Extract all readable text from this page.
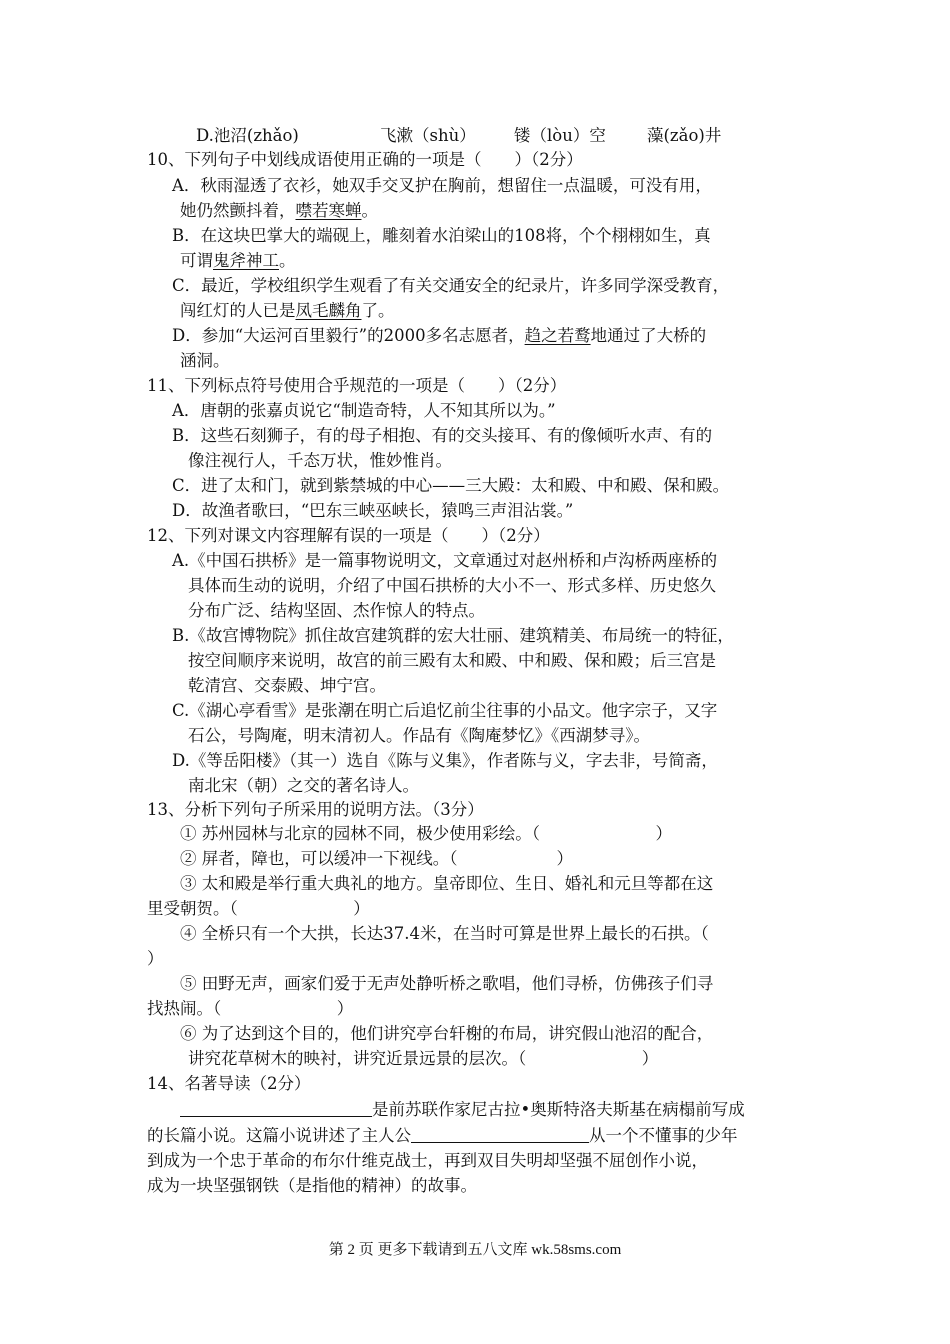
D.池沼(zhǎo)	飞漱（shù） 镂（lòu）空 藻(zǎo)井
10、下列句子中划线成语使用正确的一项是（　　）（2分）
A．秋雨湿透了衣衫，她双手交叉护在胸前，想留住一点温暖，可没有用，
她仍然颤抖着，噤若寒蝉。
B．在这块巴掌大的端砚上，雕刻着水泊梁山的108将，个个栩栩如生，真
可谓鬼斧神工。
C．最近，学校组织学生观看了有关交通安全的纪录片，许多同学深受教育，
闯红灯的人已是凤毛麟角了。
D．参加“大运河百里毅行”的2000多名志愿者，趋之若鹜地通过了大桥的
涵洞。
11、下列标点符号使用合乎规范的一项是（　　）（2分）
A．唐朝的张嘉贞说它“制造奇特，人不知其所以为。”
B．这些石刻狮子，有的母子相抱、有的交头接耳、有的像倾听水声、有的
像注视行人，千态万状，惟妙惟肖。
C．进了太和门，就到紫禁城的中心——三大殿：太和殿、中和殿、保和殿。
D．故渔者歌曰，“巴东三峡巫峡长，猿鸣三声泪沾裳。”
12、下列对课文内容理解有误的一项是（　　）（2分）
A.《中国石拱桥》是一篇事物说明文，文章通过对赵州桥和卢沟桥两座桥的
具体而生动的说明，介绍了中国石拱桥的大小不一、形式多样、历史悠久
分布广泛、结构坚固、杰作惊人的特点。
B.《故宫博物院》抓住故宫建筑群的宏大壮丽、建筑精美、布局统一的特征，
按空间顺序来说明，故宫的前三殿有太和殿、中和殿、保和殿；后三宫是
乾清宫、交泰殿、坤宁宫。
C.《湖心亭看雪》是张潮在明亡后追忆前尘往事的小品文。他字宗子，又字
石公，号陶庵，明末清初人。作品有《陶庵梦忆》《西湖梦寻》。
D.《等岳阳楼》（其一）选自《陈与义集》，作者陈与义，字去非，号简斋，
南北宋（朝）之交的著名诗人。
13、分析下列句子所采用的说明方法。（3分）
① 苏州园林与北京的园林不同，极少使用彩绘。（　　　　　　　）
② 屏者，障也，可以缓冲一下视线。（　　　　　　）
③ 太和殿是举行重大典礼的地方。皇帝即位、生日、婚礼和元旦等都在这
里受朝贺。（　　　　　　　）
④ 全桥只有一个大拱，长达37.4米，在当时可算是世界上最长的石拱。（
）
⑤ 田野无声，画家们爱于无声处静听桥之歌唱，他们寻桥，仿佛孩子们寻
找热闹。（　　　　　　　）
⑥ 为了达到这个目的，他们讲究亭台轩榭的布局，讲究假山池沼的配合，
讲究花草树木的映衬，讲究近景远景的层次。（　　　　　　　）
14、名著导读（2分）
是前苏联作家尼古拉•奥斯特洛夫斯基在病榻前写成
的长篇小说。这篇小说讲述了主人公	从一个不懂事的少年
到成为一个忠于革命的布尔什维克战士，再到双目失明却坚强不屈创作小说，
成为一块坚强钢铁（是指他的精神）的故事。
第 2 页 更多下载请到五八文库 wk.58sms.com
